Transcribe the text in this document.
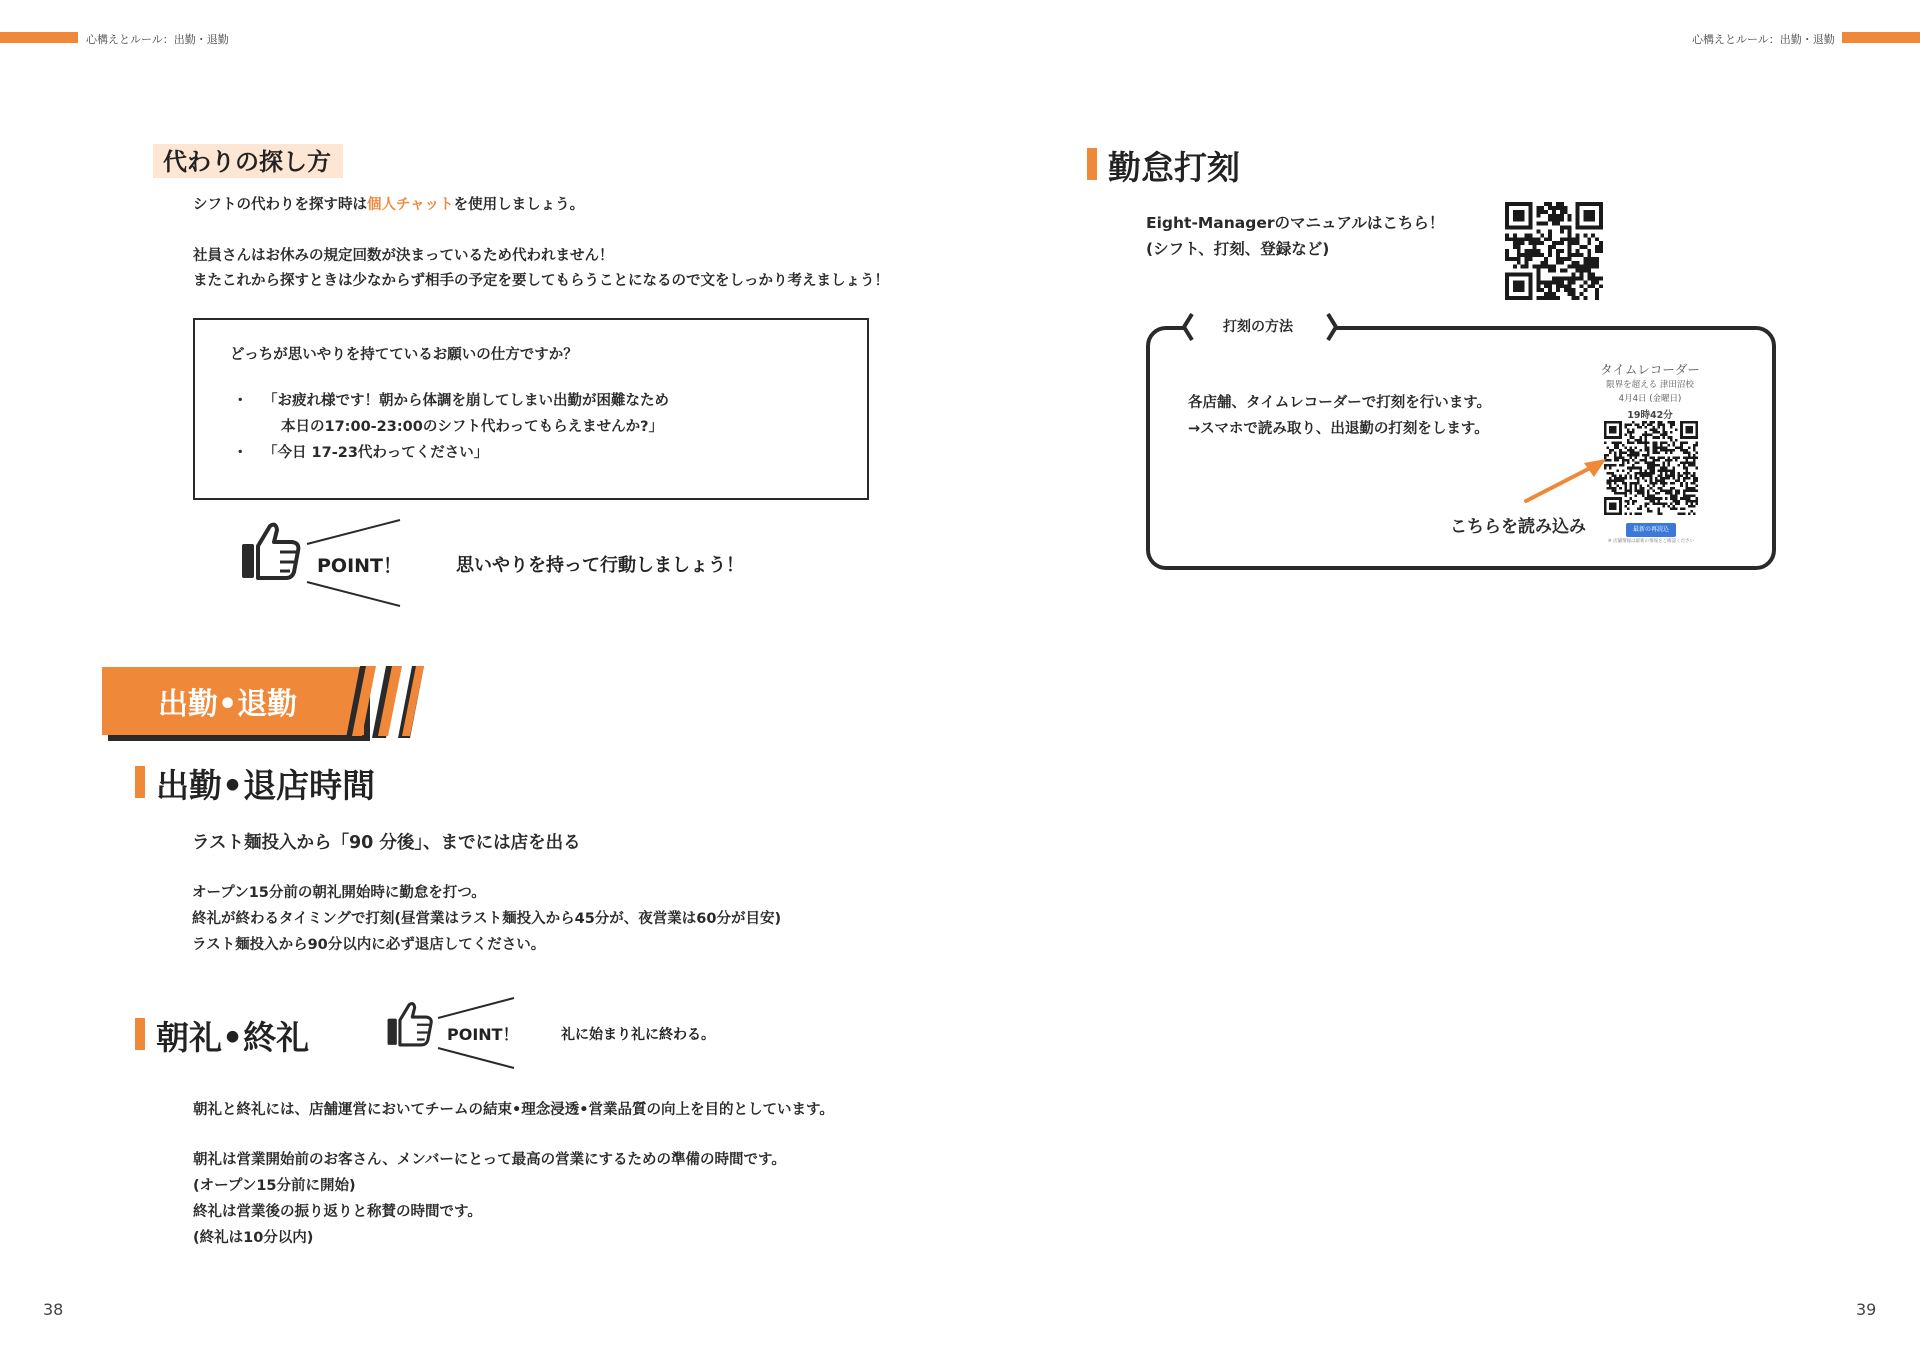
心構えとルール：出勤・退勤	心構えとルール：出勤・退勤
代わりの探し方
シフトの代わりを探す時は個人チャットを使用しましょう。
社員さんはお休みの規定回数が決まっているため代われません！
またこれから探すときは少なからず相手の予定を要してもらうことになるので文をしっかり考えましょう！
どっちが思いやりを持てているお願いの仕方ですか？
・ 「お疲れ様です！朝から体調を崩してしまい出勤が困難なため
本日の17:00-23:00のシフト代わってもらえませんか?」
・ 「今日 17-23代わってください」
POINT！	思いやりを持って行動しましょう！
出勤•退勤
出勤•退店時間
ラスト麺投入から「90 分後」、までには店を出る
オープン15分前の朝礼開始時に勤怠を打つ。
終礼が終わるタイミングで打刻(昼営業はラスト麺投入から45分が、夜営業は60分が目安)
ラスト麺投入から90分以内に必ず退店してください。
朝礼•終礼	POINT！	礼に始まり礼に終わる。
朝礼と終礼には、店舗運営においてチームの結束•理念浸透•営業品質の向上を目的としています。
朝礼は営業開始前のお客さん、メンバーにとって最高の営業にするための準備の時間です。
(オープン15分前に開始)
終礼は営業後の振り返りと称賛の時間です。
(終礼は10分以内)
38
勤怠打刻
Eight-Managerのマニュアルはこちら！
(シフト、打刻、登録など)
打刻の方法
各店舗、タイムレコーダーで打刻を行います。
→スマホで読み取り、出退勤の打刻をします。
タイムレコーダー
限界を超える 津田沼校
4月4日 (金曜日)
19時42分
最新の再読込
※ 店舗情報は最新の情報をご確認ください
こちらを読み込み
39
